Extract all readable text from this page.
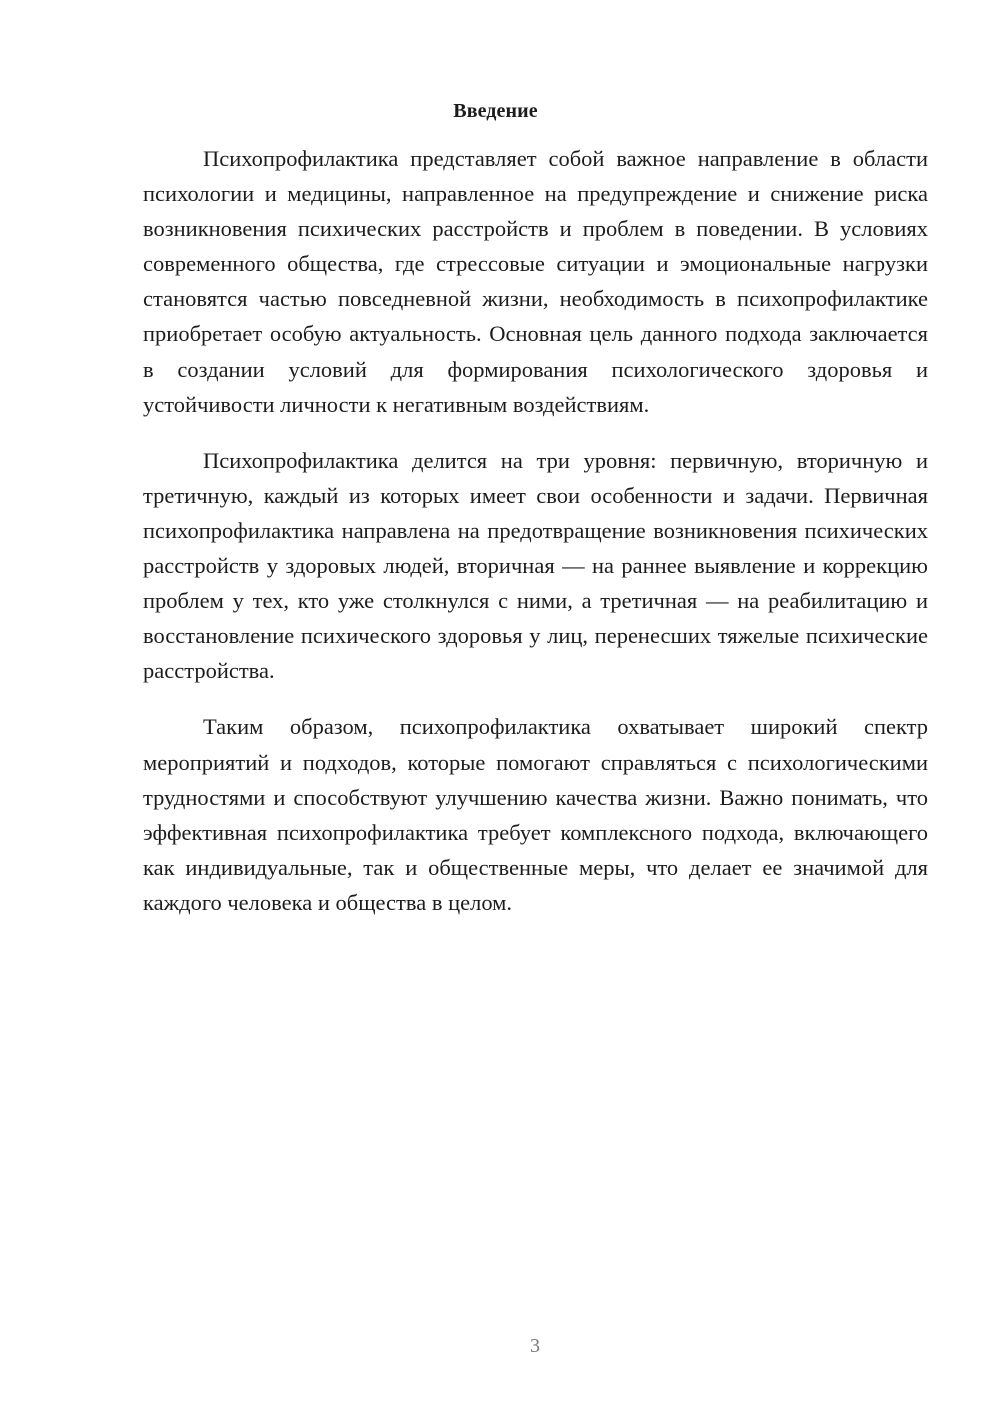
Введение

Психопрофилактика представляет собой важное направление в области психологии и медицины, направленное на предупреждение и снижение риска возникновения психических расстройств и проблем в поведении. В условиях современного общества, где стрессовые ситуации и эмоциональные нагрузки становятся частью повседневной жизни, необходимость в психопрофилактике приобретает особую актуальность. Основная цель данного подхода заключается в создании условий для формирования психологического здоровья и устойчивости личности к негативным воздействиям.

Психопрофилактика делится на три уровня: первичную, вторичную и третичную, каждый из которых имеет свои особенности и задачи. Первичная психопрофилактика направлена на предотвращение возникновения психических расстройств у здоровых людей, вторичная — на раннее выявление и коррекцию проблем у тех, кто уже столкнулся с ними, а третичная — на реабилитацию и восстановление психического здоровья у лиц, перенесших тяжелые психические расстройства.

Таким образом, психопрофилактика охватывает широкий спектр мероприятий и подходов, которые помогают справляться с психологическими трудностями и способствуют улучшению качества жизни. Важно понимать, что эффективная психопрофилактика требует комплексного подхода, включающего как индивидуальные, так и общественные меры, что делает ее значимой для каждого человека и общества в целом.

3
